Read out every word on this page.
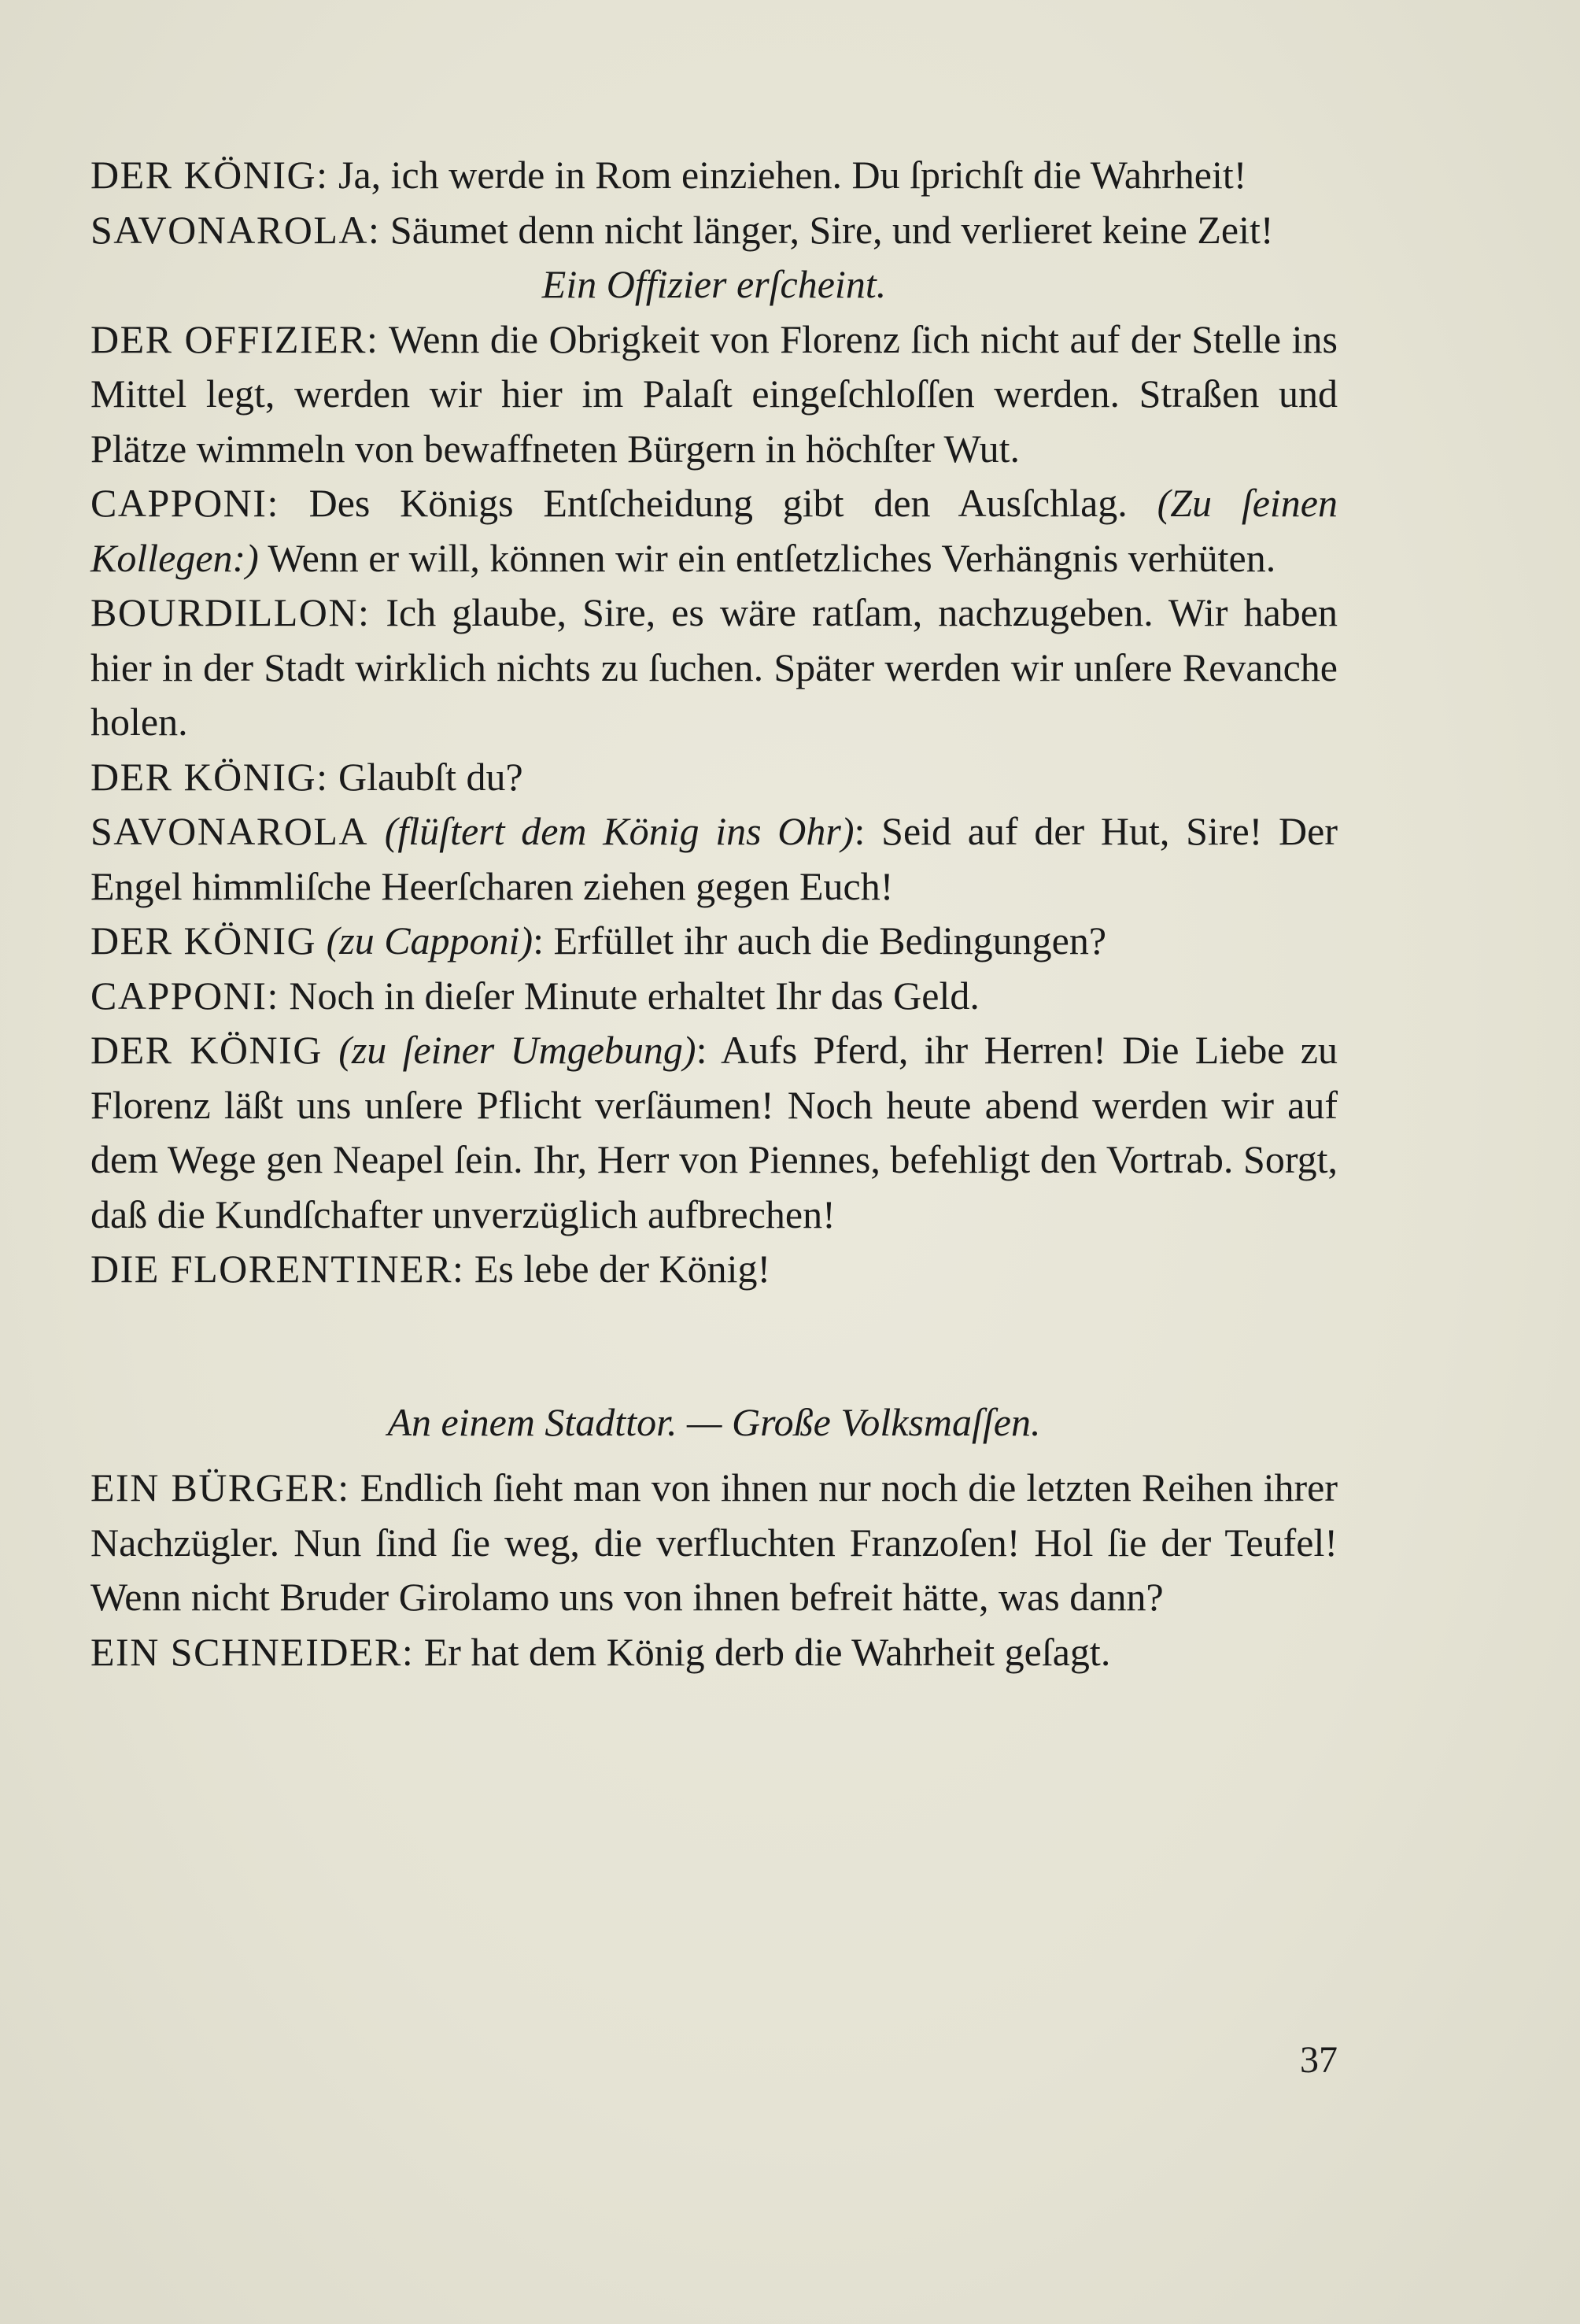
DER KÖNIG: Ja, ich werde in Rom einziehen. Du ſprichſt die Wahrheit!

SAVONAROLA: Säumet denn nicht länger, Sire, und verlieret keine Zeit!

Ein Offizier erſcheint.

DER OFFIZIER: Wenn die Obrigkeit von Florenz ſich nicht auf der Stelle ins Mittel legt, werden wir hier im Palaſt eingeſchloſſen werden. Straßen und Plätze wimmeln von bewaffneten Bürgern in höchſter Wut.

CAPPONI: Des Königs Entſcheidung gibt den Ausſchlag. (Zu ſeinen Kollegen:) Wenn er will, können wir ein entſetzliches Verhängnis verhüten.

BOURDILLON: Ich glaube, Sire, es wäre ratſam, nachzugeben. Wir haben hier in der Stadt wirklich nichts zu ſuchen. Später werden wir unſere Revanche holen.

DER KÖNIG: Glaubſt du?

SAVONAROLA (flüſtert dem König ins Ohr): Seid auf der Hut, Sire! Der Engel himmliſche Heerſcharen ziehen gegen Euch!

DER KÖNIG (zu Capponi): Erfüllet ihr auch die Bedingungen?

CAPPONI: Noch in dieſer Minute erhaltet Ihr das Geld.

DER KÖNIG (zu ſeiner Umgebung): Aufs Pferd, ihr Herren! Die Liebe zu Florenz läßt uns unſere Pflicht verſäumen! Noch heute abend werden wir auf dem Wege gen Neapel ſein. Ihr, Herr von Piennes, befehligt den Vortrab. Sorgt, daß die Kundſchafter unverzüglich aufbrechen!

DIE FLORENTINER: Es lebe der König!

An einem Stadttor. — Große Volksmaſſen.

EIN BÜRGER: Endlich ſieht man von ihnen nur noch die letzten Reihen ihrer Nachzügler. Nun ſind ſie weg, die verfluchten Franzoſen! Hol ſie der Teufel! Wenn nicht Bruder Girolamo uns von ihnen befreit hätte, was dann?

EIN SCHNEIDER: Er hat dem König derb die Wahrheit geſagt.

37
